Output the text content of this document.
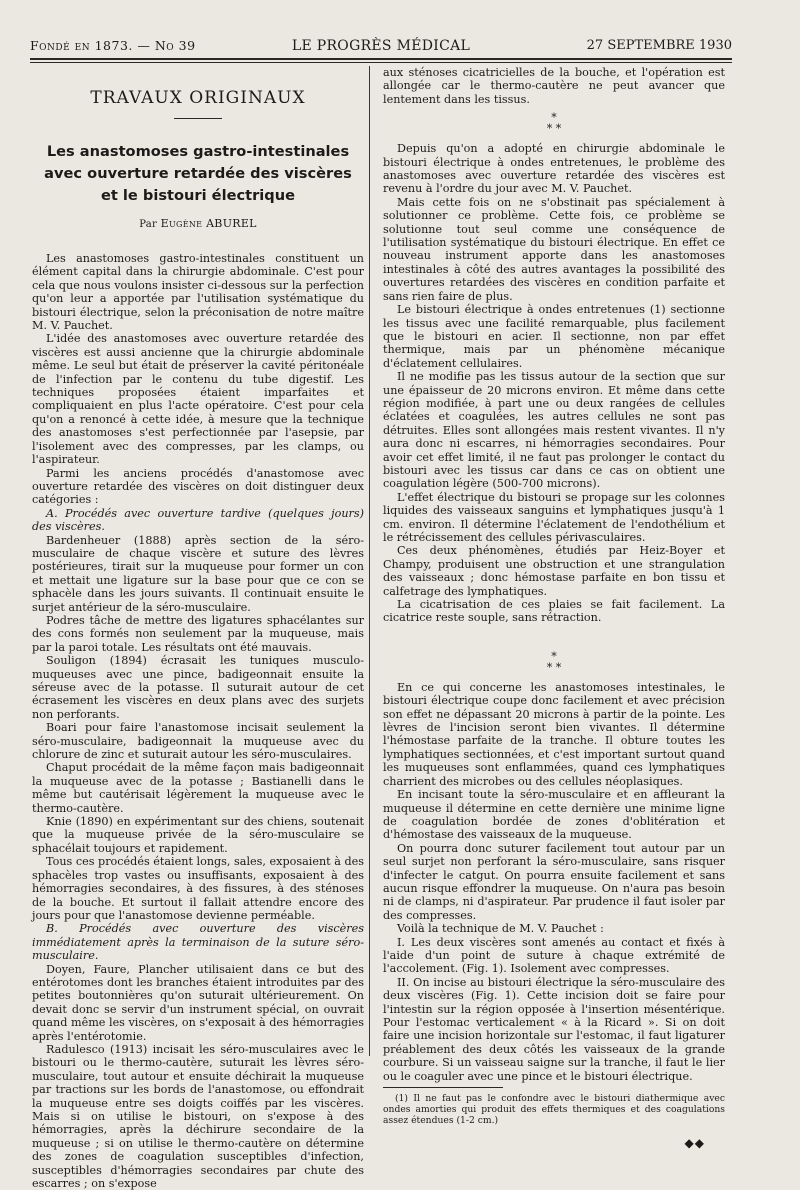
Fondé en 1873. — No 39	LE PROGRÈS MÉDICAL	27 SEPTEMBRE 1930
TRAVAUX ORIGINAUX
Les anastomoses gastro-intestinales
avec ouverture retardée des viscères
et le bistouri électrique
Par Eugène ABUREL

Les anastomoses gastro-intestinales constituent un élément capital dans la chirurgie abdominale. C'est pour cela que nous voulons insister ci-dessous sur la perfection qu'on leur a apportée par l'utilisation systématique du bistouri électrique, selon la préconisation de notre maître M. V. Pauchet.

L'idée des anastomoses avec ouverture retardée des viscères est aussi ancienne que la chirurgie abdominale même. Le seul but était de préserver la cavité péritonéale de l'infection par le contenu du tube digestif. Les techniques proposées étaient imparfaites et compliquaient en plus l'acte opératoire. C'est pour cela qu'on a renoncé à cette idée, à mesure que la technique des anastomoses s'est perfectionnée par l'asepsie, par l'isolement avec des compresses, par les clamps, ou l'aspirateur.

Parmi les anciens procédés d'anastomose avec ouverture retardée des viscères on doit distinguer deux catégories :

A. Procédés avec ouverture tardive (quelques jours) des viscères.

Bardenheuer (1888) après section de la séro-musculaire de chaque viscère et suture des lèvres postérieures, tirait sur la muqueuse pour former un con et mettait une ligature sur la base pour que ce con se sphacèle dans les jours suivants. Il continuait ensuite le surjet antérieur de la séro-musculaire.

Podres tâche de mettre des ligatures sphacélantes sur des cons formés non seulement par la muqueuse, mais par la paroi totale. Les résultats ont été mauvais.

Souligon (1894) écrasait les tuniques musculo-muqueuses avec une pince, badigeonnait ensuite la séreuse avec de la potasse. Il suturait autour de cet écrasement les viscères en deux plans avec des surjets non perforants.

Boari pour faire l'anastomose incisait seulement la séro-musculaire, badigeonnait la muqueuse avec du chlorure de zinc et suturait autour les séro-musculaires.

Chaput procédait de la même façon mais badigeonnait la muqueuse avec de la potasse ; Bastianelli dans le même but cautérisait légèrement la muqueuse avec le thermo-cautère.

Knie (1890) en expérimentant sur des chiens, soutenait que la muqueuse privée de la séro-musculaire se sphacélait toujours et rapidement.

Tous ces procédés étaient longs, sales, exposaient à des sphacèles trop vastes ou insuffisants, exposaient à des hémorragies secondaires, à des fissures, à des sténoses de la bouche. Et surtout il fallait attendre encore des jours pour que l'anastomose devienne perméable.

B. Procédés avec ouverture des viscères immédiatement après la terminaison de la suture séro-musculaire.

Doyen, Faure, Plancher utilisaient dans ce but des entérotomes dont les branches étaient introduites par des petites boutonnières qu'on suturait ultérieurement. On devait donc se servir d'un instrument spécial, on ouvrait quand même les viscères, on s'exposait à des hémorragies après l'entérotomie.

Radulesco (1913) incisait les séro-musculaires avec le bistouri ou le thermo-cautère, suturait les lèvres séro-musculaire, tout autour et ensuite déchirait la muqueuse par tractions sur les bords de l'anastomose, ou effondrait la muqueuse entre ses doigts coiffés par les viscères. Mais si on utilise le bistouri, on s'expose à des hémorragies, après la déchirure secondaire de la muqueuse ; si on utilise le thermo-cautère on détermine des zones de coagulation susceptibles d'infection, susceptibles d'hémorragies secondaires par chute des escarres ; on s'expose

aux sténoses cicatricielles de la bouche, et l'opération est allongée car le thermo-cautère ne peut avancer que lentement dans les tissus.

*
* *

Depuis qu'on a adopté en chirurgie abdominale le bistouri électrique à ondes entretenues, le problème des anastomoses avec ouverture retardée des viscères est revenu à l'ordre du jour avec M. V. Pauchet.

Mais cette fois on ne s'obstinait pas spécialement à solutionner ce problème. Cette fois, ce problème se solutionne tout seul comme une conséquence de l'utilisation systématique du bistouri électrique. En effet ce nouveau instrument apporte dans les anastomoses intestinales à côté des autres avantages la possibilité des ouvertures retardées des viscères en condition parfaite et sans rien faire de plus.

Le bistouri électrique à ondes entretenues (1) sectionne les tissus avec une facilité remarquable, plus facilement que le bistouri en acier. Il sectionne, non par effet thermique, mais par un phénomène mécanique d'éclatement cellulaires.

Il ne modifie pas les tissus autour de la section que sur une épaisseur de 20 microns environ. Et même dans cette région modifiée, à part une ou deux rangées de cellules éclatées et coagulées, les autres cellules ne sont pas détruites. Elles sont allongées mais restent vivantes. Il n'y aura donc ni escarres, ni hémorragies secondaires. Pour avoir cet effet limité, il ne faut pas prolonger le contact du bistouri avec les tissus car dans ce cas on obtient une coagulation légère (500-700 microns).

L'effet électrique du bistouri se propage sur les colonnes liquides des vaisseaux sanguins et lymphatiques jusqu'à 1 cm. environ. Il détermine l'éclatement de l'endothélium et le rétrécissement des cellules périvasculaires.

Ces deux phénomènes, étudiés par Heiz-Boyer et Champy, produisent une obstruction et une strangulation des vaisseaux ; donc hémostase parfaite en bon tissu et calfetrage des lymphatiques.

La cicatrisation de ces plaies se fait facilement. La cicatrice reste souple, sans rétraction.

*
* *

En ce qui concerne les anastomoses intestinales, le bistouri électrique coupe donc facilement et avec précision son effet ne dépassant 20 microns à partir de la pointe. Les lèvres de l'incision seront bien vivantes. Il détermine l'hémostase parfaite de la tranche. Il obture toutes les lymphatiques sectionnées, et c'est important surtout quand les muqueuses sont enflammées, quand ces lymphatiques charrient des microbes ou des cellules néoplasiques.

En incisant toute la séro-musculaire et en affleurant la muqueuse il détermine en cette dernière une minime ligne de coagulation bordée de zones d'oblitération et d'hémostase des vaisseaux de la muqueuse.

On pourra donc suturer facilement tout autour par un seul surjet non perforant la séro-musculaire, sans risquer d'infecter le catgut. On pourra ensuite facilement et sans aucun risque effondrer la muqueuse. On n'aura pas besoin ni de clamps, ni d'aspirateur. Par prudence il faut isoler par des compresses.

Voilà la technique de M. V. Pauchet :

I. Les deux viscères sont amenés au contact et fixés à l'aide d'un point de suture à chaque extrémité de l'accolement. (Fig. 1). Isolement avec compresses.

II. On incise au bistouri électrique la séro-musculaire des deux viscères (Fig. 1). Cette incision doit se faire pour l'intestin sur la région opposée à l'insertion mésentérique. Pour l'estomac verticalement « à la Ricard ». Si on doit faire une incision horizontale sur l'estomac, il faut ligaturer préablement des deux côtés les vaisseaux de la grande courbure. Si un vaisseau saigne sur la tranche, il faut le lier ou le coaguler avec une pince et le bistouri électrique.

(1) Il ne faut pas le confondre avec le bistouri diathermique avec ondes amorties qui produit des effets thermiques et des coagulations assez étendues (1-2 cm.)

◆◆
